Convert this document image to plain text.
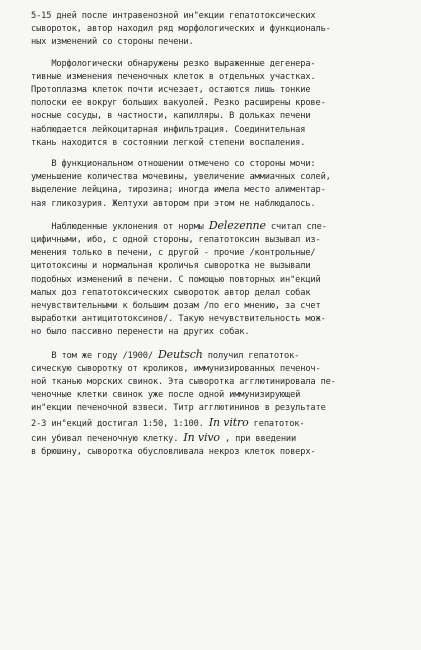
5-15 дней после интравенозной ин"екции гепатотоксических
сывороток, автор находил ряд морфологических и функциональ-
ных изменений со стороны печени.
Морфологически обнаружены резко выраженные дегенера-
тивные изменения печеночных клеток в отдельных участках.
Протоплазма клеток почти исчезает, остаются лишь тонкие
полоски ее вокруг больших вакуолей. Резко расширены крове-
носные сосуды, в частности, капилляры. В дольках печени
наблюдается лейкоцитарная инфильтрация. Соединительная
ткань находится в состоянии легкой степени воспаления.
В функциональном отношении отмечено со стороны мочи:
уменьшение количества мочевины, увеличение аммиачных солей,
выделение лейцина, тирозина; иногда имела место алиментар-
ная гликозурия. Желтухи автором при этом не наблюдалось.
Наблюденные уклонения от нормы Delezenne считал спе-
цифичными, ибо, с одной стороны, гепатотоксин вызывал из-
менения только в печени, с другой - прочие /контрольные/
цитотоксины и нормальная кроличья сыворотка не вызывали
подобных изменений в печени. С помощью повторных ин"екций
малых доз гепатотоксических сывороток автор делал собак
нечувствительными к большим дозам /по его мнению, за счет
выработки антицитотоксинов/. Такую нечувствительность мож-
но было пассивно перенести на других собак.
В том же году /1900/ Deutsch получил гепатоток-
сическую сыворотку от кроликов, иммунизированных печеноч-
ной тканью морских свинок. Эта сыворотка агглютинировала пе-
ченочные клетки свинок уже после одной иммунизирующей
ин"екции печеночной взвеси. Титр агглютининов в результате
2-3 ин"екций достигал 1:50, 1:100. In vitro гепатоток-
син убивал печеночную клетку. In vivo , при введении
в брюшину, сыворотка обусловливала некроз клеток поверх-
